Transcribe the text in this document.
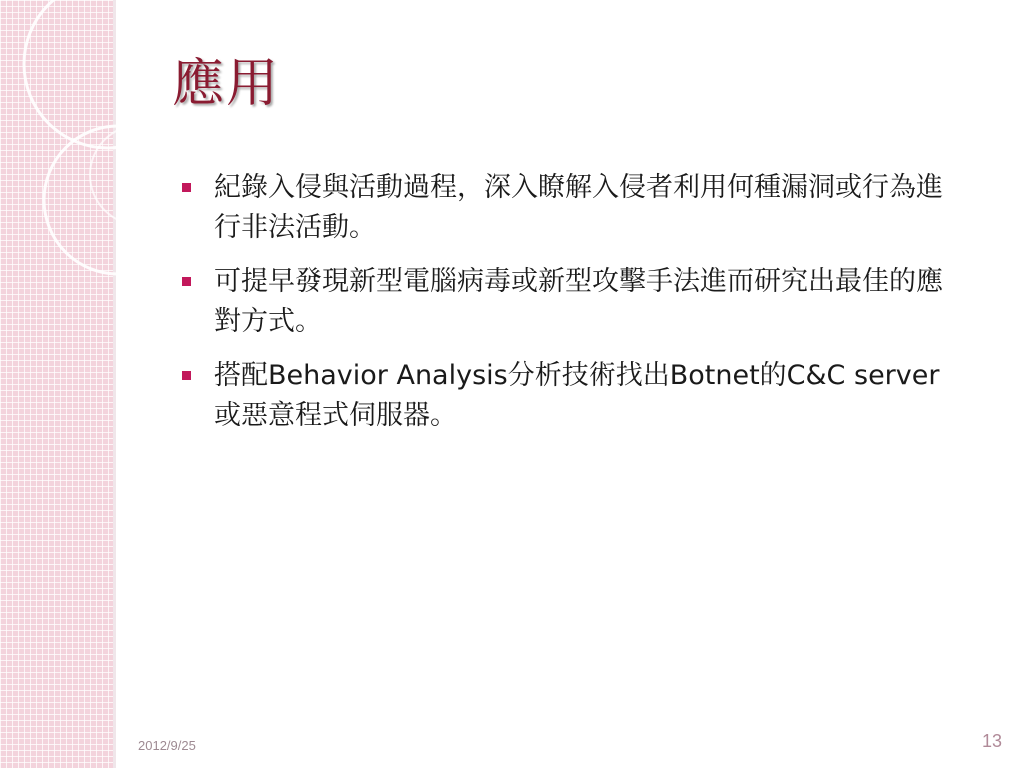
應用
紀錄入侵與活動過程，深入瞭解入侵者利用何種漏洞或行為進行非法活動。
可提早發現新型電腦病毒或新型攻擊手法進而研究出最佳的應對方式。
搭配Behavior Analysis分析技術找出Botnet的C&C server或惡意程式伺服器。
2012/9/25	13
